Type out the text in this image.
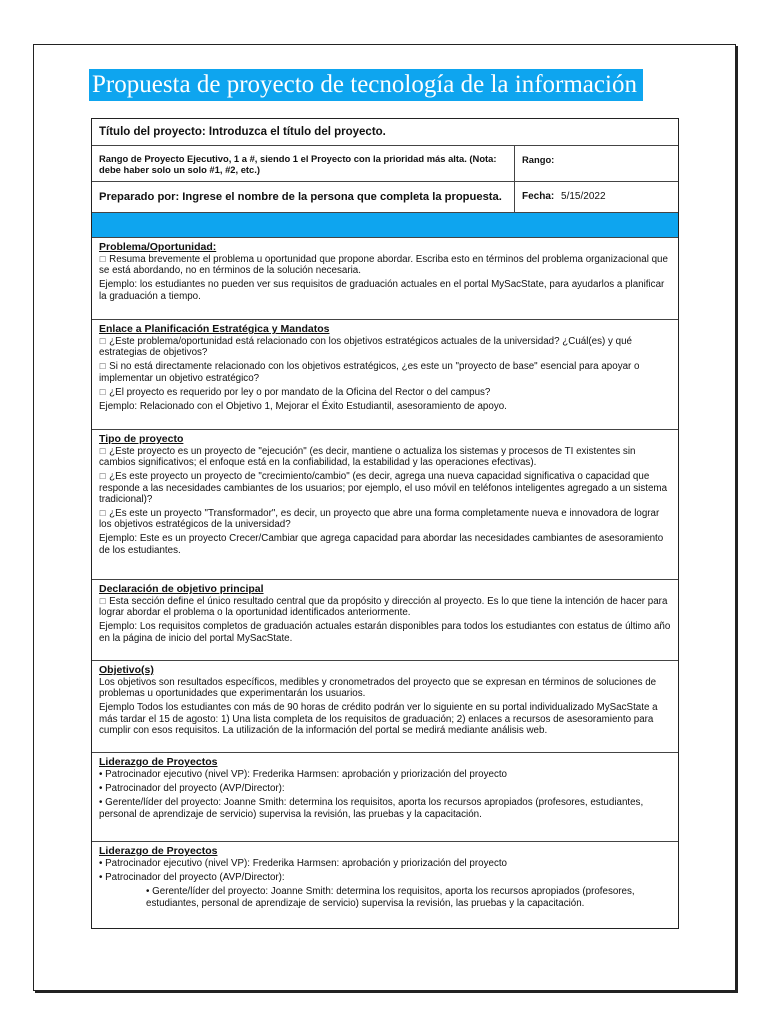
Propuesta de proyecto de tecnología de la información
Título del proyecto: Introduzca el título del proyecto.
Rango de Proyecto Ejecutivo, 1 a #, siendo 1 el Proyecto con la prioridad más alta. (Nota: debe haber solo un solo #1, #2, etc.)
Rango:
Preparado por: Ingrese el nombre de la persona que completa la propuesta.	Fecha: 5/15/2022
Problema/Oportunidad:
☐ Resuma brevemente el problema u oportunidad que propone abordar. Escriba esto en términos del problema organizacional que se está abordando, no en términos de la solución necesaria.
Ejemplo: los estudiantes no pueden ver sus requisitos de graduación actuales en el portal MySacState, para ayudarlos a planificar la graduación a tiempo.
Enlace a Planificación Estratégica y Mandatos
☐ ¿Este problema/oportunidad está relacionado con los objetivos estratégicos actuales de la universidad? ¿Cuál(es) y qué estrategias de objetivos?
☐ Si no está directamente relacionado con los objetivos estratégicos, ¿es este un "proyecto de base" esencial para apoyar o implementar un objetivo estratégico?
☐ ¿El proyecto es requerido por ley o por mandato de la Oficina del Rector o del campus?
Ejemplo: Relacionado con el Objetivo 1, Mejorar el Éxito Estudiantil, asesoramiento de apoyo.
Tipo de proyecto
☐ ¿Este proyecto es un proyecto de "ejecución" (es decir, mantiene o actualiza los sistemas y procesos de TI existentes sin cambios significativos; el enfoque está en la confiabilidad, la estabilidad y las operaciones efectivas).
☐ ¿Es este proyecto un proyecto de "crecimiento/cambio" (es decir, agrega una nueva capacidad significativa o capacidad que responde a las necesidades cambiantes de los usuarios; por ejemplo, el uso móvil en teléfonos inteligentes agregado a un sistema tradicional)?
☐ ¿Es este un proyecto "Transformador", es decir, un proyecto que abre una forma completamente nueva e innovadora de lograr los objetivos estratégicos de la universidad?
Ejemplo: Este es un proyecto Crecer/Cambiar que agrega capacidad para abordar las necesidades cambiantes de asesoramiento de los estudiantes.
Declaración de objetivo principal
☐ Esta sección define el único resultado central que da propósito y dirección al proyecto. Es lo que tiene la intención de hacer para lograr abordar el problema o la oportunidad identificados anteriormente.
Ejemplo: Los requisitos completos de graduación actuales estarán disponibles para todos los estudiantes con estatus de último año en la página de inicio del portal MySacState.
Objetivo(s)
Los objetivos son resultados específicos, medibles y cronometrados del proyecto que se expresan en términos de soluciones de problemas u oportunidades que experimentarán los usuarios.
Ejemplo Todos los estudiantes con más de 90 horas de crédito podrán ver lo siguiente en su portal individualizado MySacState a más tardar el 15 de agosto: 1) Una lista completa de los requisitos de graduación; 2) enlaces a recursos de asesoramiento para cumplir con esos requisitos. La utilización de la información del portal se medirá mediante análisis web.
Liderazgo de Proyectos
• Patrocinador ejecutivo (nivel VP): Frederika Harmsen: aprobación y priorización del proyecto
• Patrocinador del proyecto (AVP/Director):
• Gerente/líder del proyecto: Joanne Smith: determina los requisitos, aporta los recursos apropiados (profesores, estudiantes, personal de aprendizaje de servicio) supervisa la revisión, las pruebas y la capacitación.
Liderazgo de Proyectos
• Patrocinador ejecutivo (nivel VP): Frederika Harmsen: aprobación y priorización del proyecto
• Patrocinador del proyecto (AVP/Director):
• Gerente/líder del proyecto: Joanne Smith: determina los requisitos, aporta los recursos apropiados (profesores, estudiantes, personal de aprendizaje de servicio) supervisa la revisión, las pruebas y la capacitación.
